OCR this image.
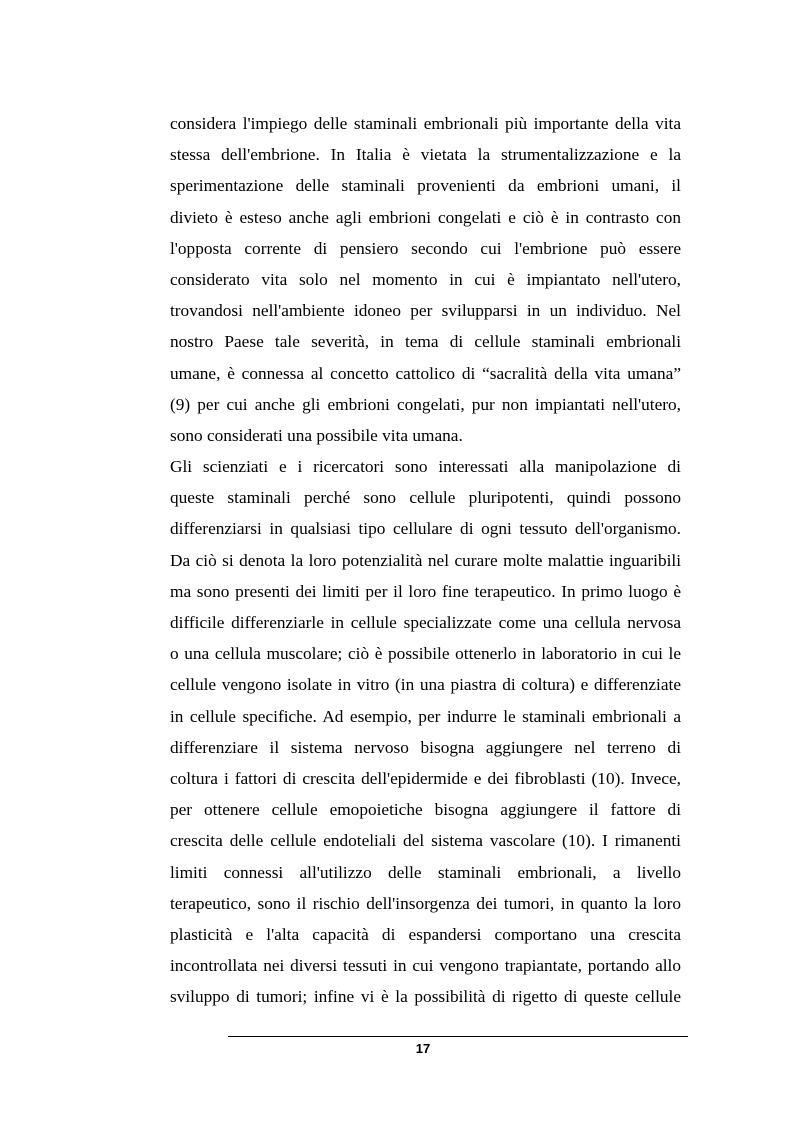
considera l'impiego delle staminali embrionali più importante della vita
stessa dell'embrione. In Italia è vietata la strumentalizzazione e la
sperimentazione delle staminali provenienti da embrioni umani, il
divieto è esteso anche agli embrioni congelati e ciò è in contrasto con
l'opposta corrente di pensiero secondo cui l'embrione può essere
considerato vita solo nel momento in cui è impiantato nell'utero,
trovandosi nell'ambiente idoneo per svilupparsi in un individuo. Nel
nostro Paese tale severità, in tema di cellule staminali embrionali
umane, è connessa al concetto cattolico di “sacralità della vita umana”
(9) per cui anche gli embrioni congelati, pur non impiantati nell'utero,
sono considerati una possibile vita umana.
Gli scienziati e i ricercatori sono interessati alla manipolazione di
queste staminali perché sono cellule pluripotenti, quindi possono
differenziarsi in qualsiasi tipo cellulare di ogni tessuto dell'organismo.
Da ciò si denota la loro potenzialità nel curare molte malattie inguaribili
ma sono presenti dei limiti per il loro fine terapeutico. In primo luogo è
difficile differenziarle in cellule specializzate come una cellula nervosa
o una cellula muscolare; ciò è possibile ottenerlo in laboratorio in cui le
cellule vengono isolate in vitro (in una piastra di coltura) e differenziate
in cellule specifiche. Ad esempio, per indurre le staminali embrionali a
differenziare il sistema nervoso bisogna aggiungere nel terreno di
coltura i fattori di crescita dell'epidermide e dei fibroblasti (10). Invece,
per ottenere cellule emopoietiche bisogna aggiungere il fattore di
crescita delle cellule endoteliali del sistema vascolare (10). I rimanenti
limiti connessi all'utilizzo delle staminali embrionali, a livello
terapeutico, sono il rischio dell'insorgenza dei tumori, in quanto la loro
plasticità e l'alta capacità di espandersi comportano una crescita
incontrollata nei diversi tessuti in cui vengono trapiantate, portando allo
sviluppo di tumori; infine vi è la possibilità di rigetto di queste cellule
17
